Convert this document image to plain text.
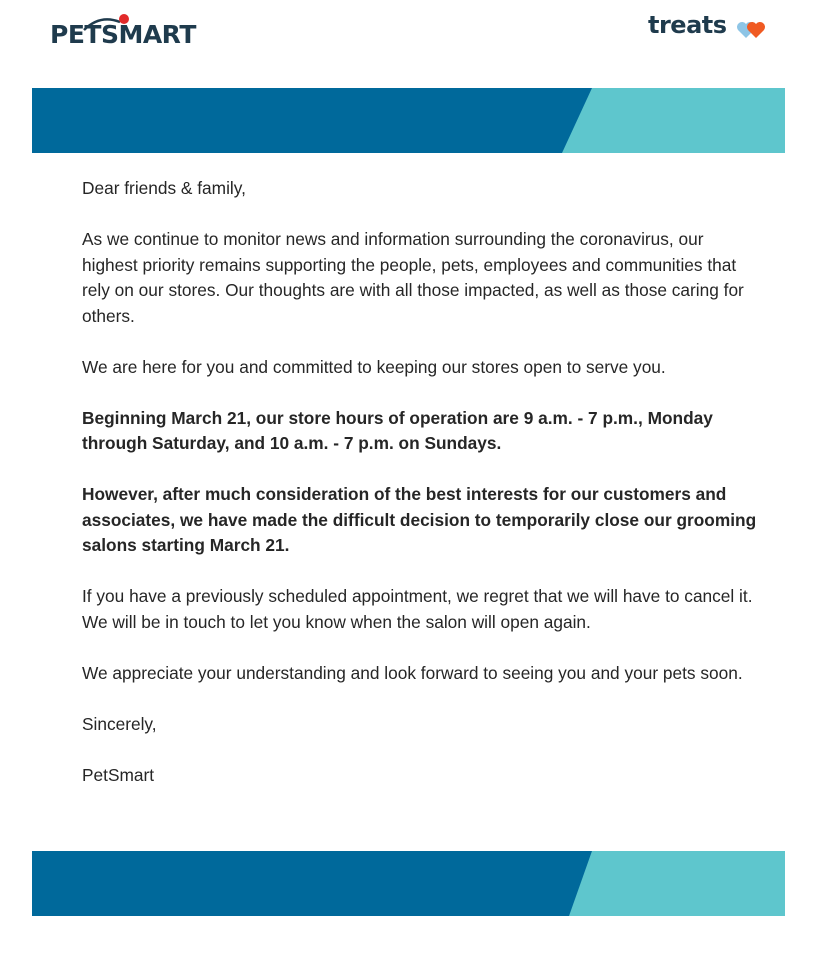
PETSMART	treats

Dear friends & family,

As we continue to monitor news and information surrounding the coronavirus, our highest priority remains supporting the people, pets, employees and communities that rely on our stores. Our thoughts are with all those impacted, as well as those caring for others.

We are here for you and committed to keeping our stores open to serve you.

Beginning March 21, our store hours of operation are 9 a.m. - 7 p.m., Monday through Saturday, and 10 a.m. - 7 p.m. on Sundays.

However, after much consideration of the best interests for our customers and associates, we have made the difficult decision to temporarily close our grooming salons starting March 21.

If you have a previously scheduled appointment, we regret that we will have to cancel it. We will be in touch to let you know when the salon will open again.

We appreciate your understanding and look forward to seeing you and your pets soon.

Sincerely,

PetSmart
